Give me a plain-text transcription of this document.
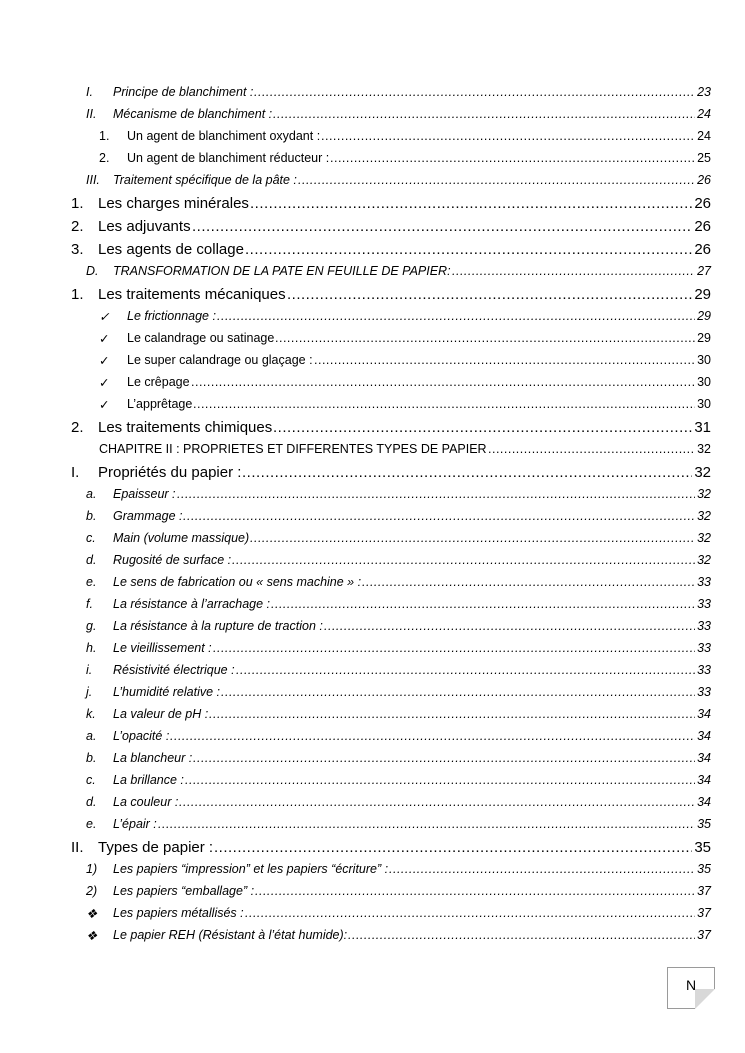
I. ..... Principe de blanchiment :	23
II. ..... Mécanisme de blanchiment :	24
1. ..... Un agent de blanchiment oxydant :	24
2. ..... Un agent de blanchiment réducteur :	25
III. ..... Traitement spécifique de la pâte :	26
1. ..... Les charges minérales	26
2. ..... Les adjuvants	26
3. ..... Les agents de collage	26
D. ..... TRANSFORMATION DE LA PATE EN FEUILLE DE PAPIER:	27
1. ..... Les traitements mécaniques	29
✓ ..... Le frictionnage :	29
✓ ..... Le calandrage ou satinage	29
✓ ..... Le super calandrage ou glaçage :	30
✓ ..... Le crêpage	30
✓ ..... L’apprêtage	30
2. ..... Les traitements chimiques	31
.....
CHAPITRE II : PROPRIETES ET DIFFERENTES TYPES DE PAPIER	32
I. ..... Propriétés du papier :	32
a. ..... Epaisseur :	32
b. ..... Grammage :	32
c. ..... Main (volume massique)	32
d. ..... Rugosité de surface :	32
e. ..... Le sens de fabrication ou « sens machine » :	33
f. ..... La résistance à l’arrachage :	33
g. ..... La résistance à la rupture de traction :	33
h. ..... Le vieillissement :	33
i. ..... Résistivité électrique :	33
j. ..... L’humidité relative :	33
k. ..... La valeur de pH :	34
a. ..... L’opacité :	34
b. ..... La blancheur :	34
c. ..... La brillance :	34
d. ..... La couleur :	34
e. ..... L’épair :	35
II. ..... Types de papier :	35
1) ..... Les papiers “impression” et les papiers “écriture” :	35
2) ..... Les papiers “emballage” :	37
❖ ..... Les papiers métallisés :	37
❖ ..... Le papier REH (Résistant à l’état humide):	37
N
